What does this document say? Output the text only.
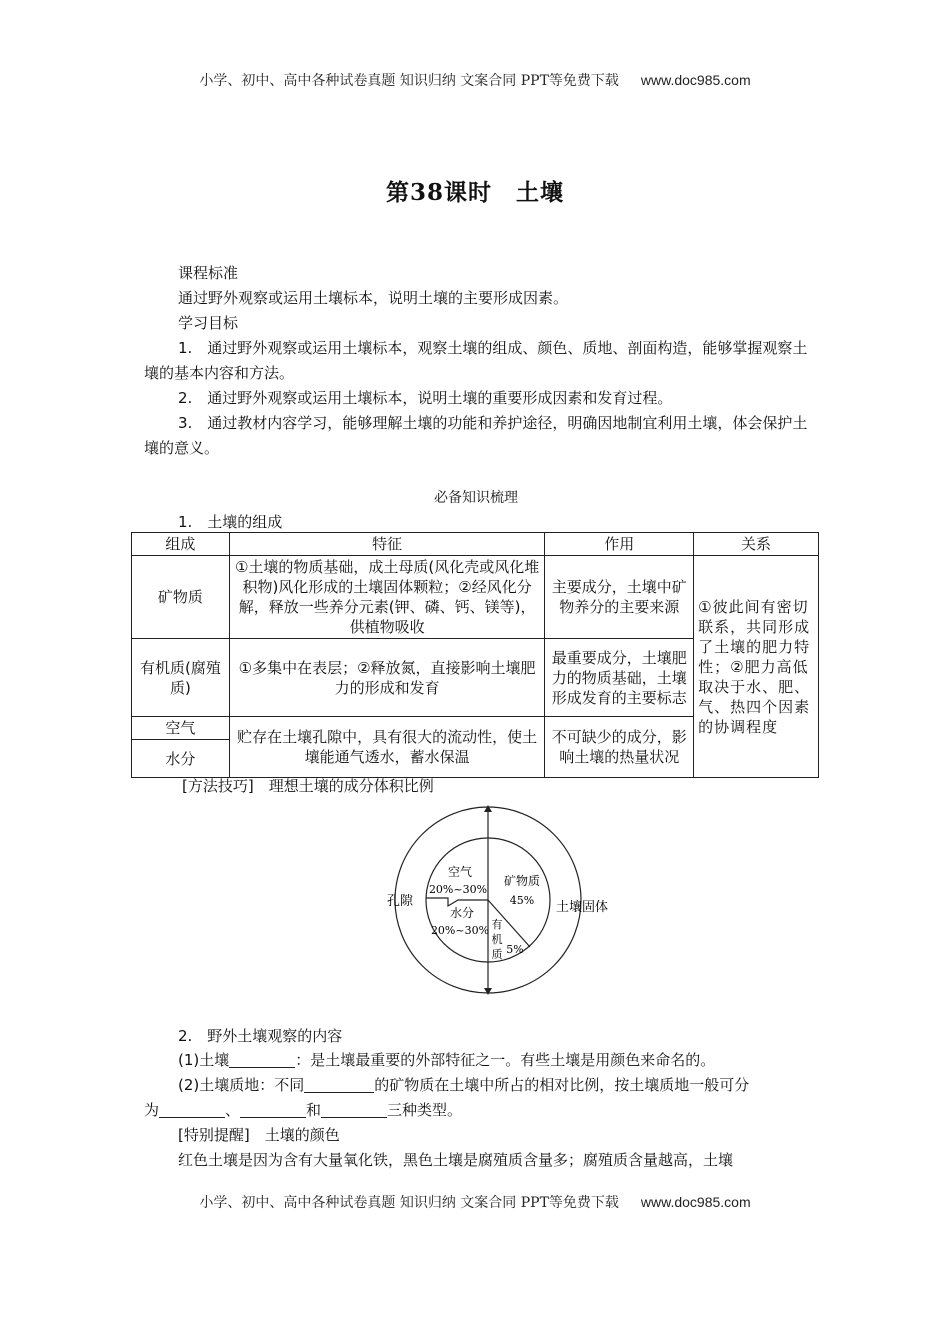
小学、初中、高中各种试卷真题 知识归纳 文案合同 PPT等免费下载 www.doc985.com
第38课时　土壤
课程标准
通过野外观察或运用土壤标本，说明土壤的主要形成因素。
学习目标
1.　通过野外观察或运用土壤标本，观察土壤的组成、颜色、质地、剖面构造，能够掌握观察土壤的基本内容和方法。
2.　通过野外观察或运用土壤标本，说明土壤的重要形成因素和发育过程。
3.　通过教材内容学习，能够理解土壤的功能和养护途径，明确因地制宜利用土壤，体会保护土壤的意义。
必备知识梳理
1.　土壤的组成
组成	特征	作用	关系
矿物质	①土壤的物质基础，成土母质(风化壳或风化堆积物)风化形成的土壤固体颗粒；②经风化分解，释放一些养分元素(钾、磷、钙、镁等)，供植物吸收	主要成分，土壤中矿物养分的主要来源	①彼此间有密切联系，共同形成了土壤的肥力特性；②肥力高低取决于水、肥、气、热四个因素的协调程度
有机质(腐殖质)	①多集中在表层；②释放氮，直接影响土壤肥力的形成和发育	最重要成分，土壤肥力的物质基础，土壤形成发育的主要标志	
空气	贮存在土壤孔隙中，具有很大的流动性，使土壤能通气透水，蓄水保温	不可缺少的成分，影响土壤的热量状况	
水分			
[方法技巧]　理想土壤的成分体积比例
孔隙	土壤固体
空气
20%~30%
水分
20%~30%
矿物质
45%
有
机
质 5%
2.　野外土壤观察的内容
(1)土壤	：是土壤最重要的外部特征之一。有些土壤是用颜色来命名的。
(2)土壤质地：不同	的矿物质在土壤中所占的相对比例，按土壤质地一般可分
为	、	和	三种类型。
[特别提醒]　土壤的颜色
红色土壤是因为含有大量氧化铁，黑色土壤是腐殖质含量多；腐殖质含量越高，土壤
小学、初中、高中各种试卷真题 知识归纳 文案合同 PPT等免费下载 www.doc985.com
